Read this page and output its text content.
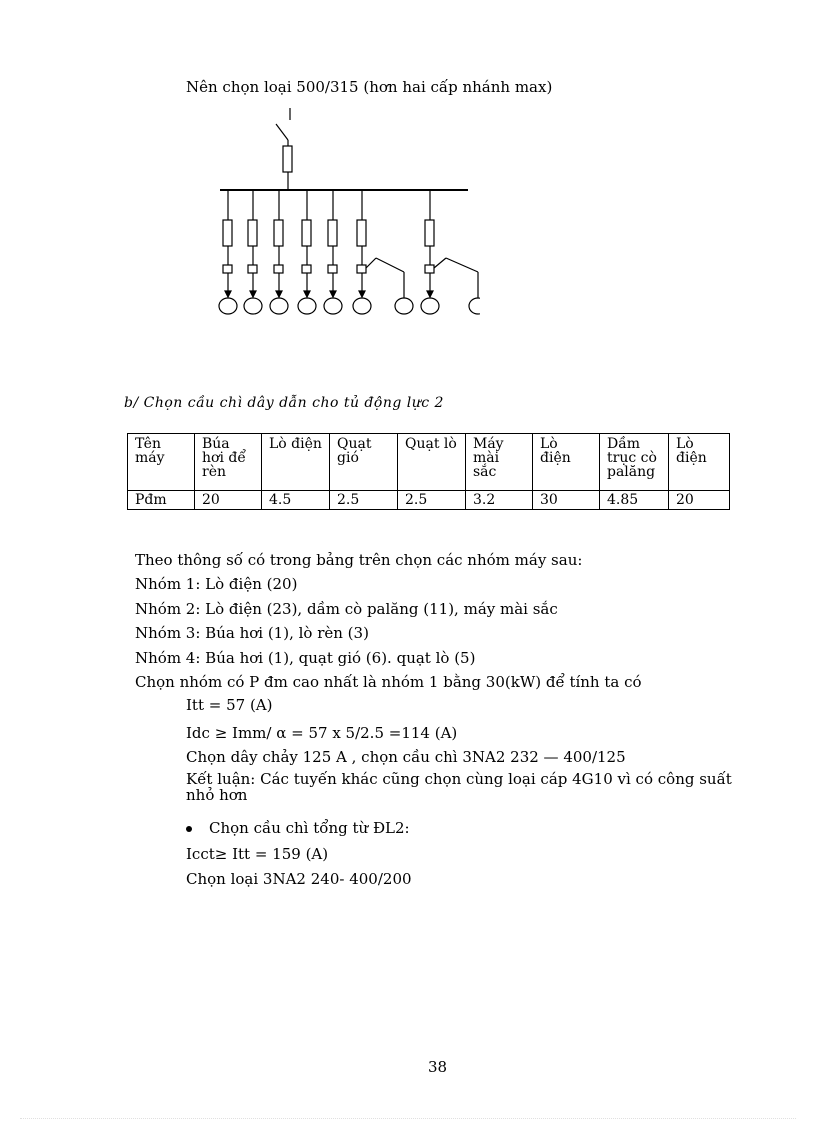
Nên chọn loại 500/315 (hơn hai cấp nhánh max)
b/ Chọn cầu chì dây dẫn cho tủ động lực 2
Tên máy	Búa hơi để rèn	Lò điện	Quạt gió	Quạt lò	Máy mài sắc	Lò điện	Dầm trục cò palăng	Lò điện
Pđm	20	4.5	2.5	2.5	3.2	30	4.85	20
Theo thông số có trong bảng trên chọn các nhóm máy sau:
Nhóm 1: Lò điện (20)
Nhóm 2: Lò điện (23), dầm cò palăng (11), máy mài sắc
Nhóm 3: Búa hơi (1), lò rèn (3)
Nhóm 4: Búa hơi (1), quạt gió (6). quạt lò (5)
Chọn nhóm có P đm cao nhất là nhóm 1 bằng 30(kW) để tính ta có
Itt = 57 (A)
Idc ≥ Imm/ α = 57 x 5/2.5 =114 (A)
Chọn dây chảy 125 A , chọn cầu chì 3NA2 232 — 400/125
Kết luận: Các tuyến khác cũng chọn cùng loại cáp 4G10 vì có công suất
nhỏ hơn
Chọn cầu chì tổng từ ĐL2:
Icct≥ Itt = 159 (A)
Chọn loại 3NA2 240- 400/200
38
